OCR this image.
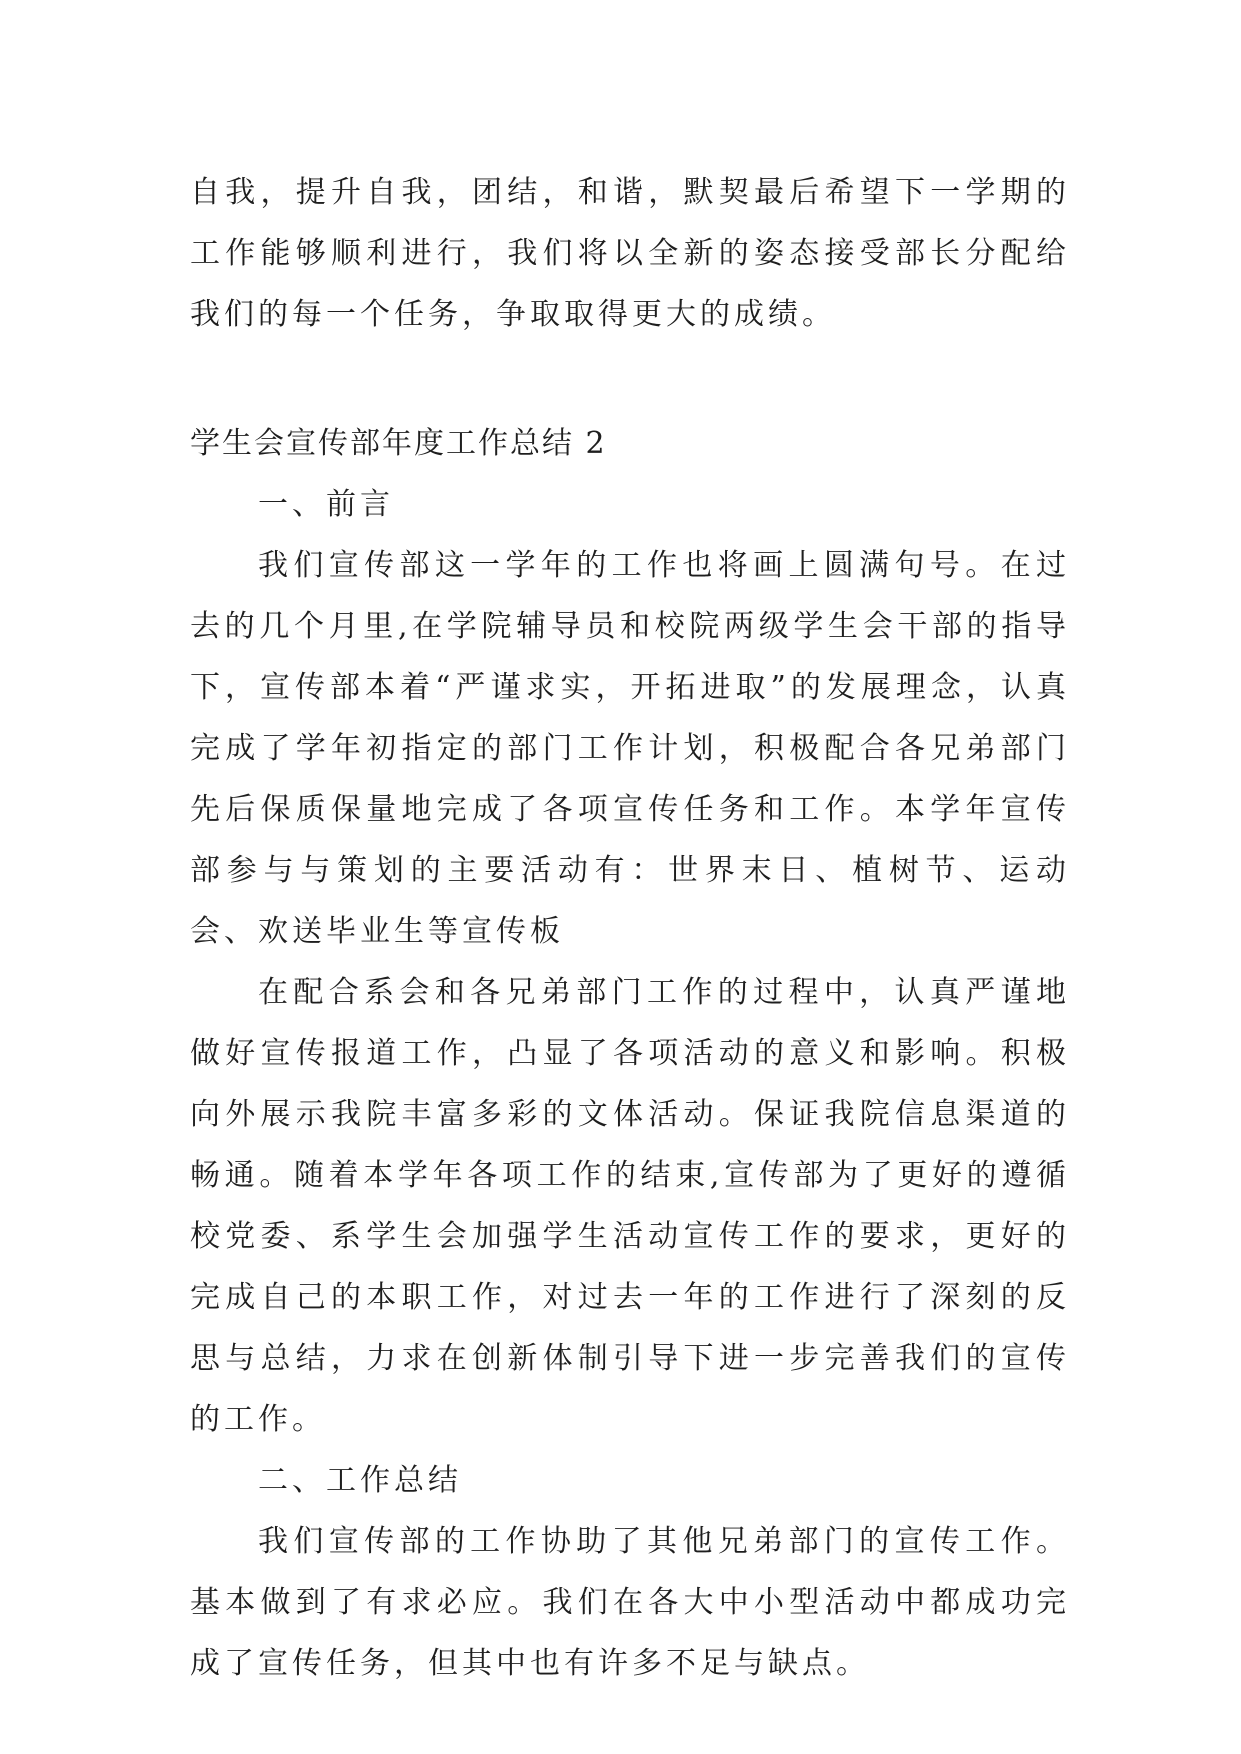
自我，提升自我，团结，和谐，默契最后希望下一学期的工作能够顺利进行，我们将以全新的姿态接受部长分配给我们的每一个任务，争取取得更大的成绩。

学生会宣传部年度工作总结 2

一、前言

我们宣传部这一学年的工作也将画上圆满句号。在过去的几个月里,在学院辅导员和校院两级学生会干部的指导下，宣传部本着“严谨求实，开拓进取”的发展理念，认真完成了学年初指定的部门工作计划，积极配合各兄弟部门先后保质保量地完成了各项宣传任务和工作。本学年宣传部参与与策划的主要活动有：世界末日、植树节、运动会、欢送毕业生等宣传板

在配合系会和各兄弟部门工作的过程中，认真严谨地做好宣传报道工作，凸显了各项活动的意义和影响。积极向外展示我院丰富多彩的文体活动。保证我院信息渠道的畅通。随着本学年各项工作的结束,宣传部为了更好的遵循校党委、系学生会加强学生活动宣传工作的要求，更好的完成自己的本职工作，对过去一年的工作进行了深刻的反思与总结，力求在创新体制引导下进一步完善我们的宣传的工作。

二、工作总结

我们宣传部的工作协助了其他兄弟部门的宣传工作。基本做到了有求必应。我们在各大中小型活动中都成功完成了宣传任务，但其中也有许多不足与缺点。
